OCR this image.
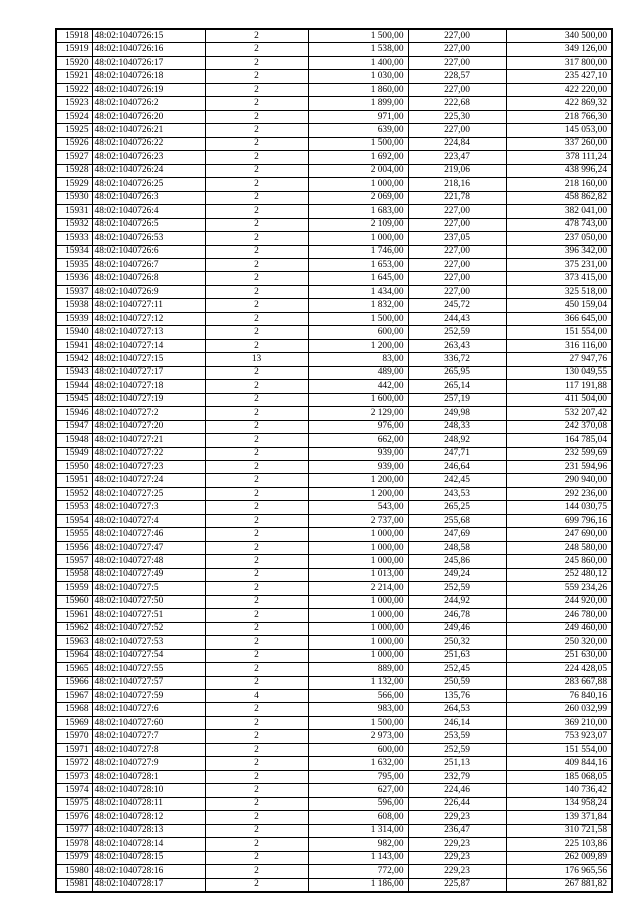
15918	48:02:1040726:15	2	1 500,00	227,00	340 500,00
15919	48:02:1040726:16	2	1 538,00	227,00	349 126,00
15920	48:02:1040726:17	2	1 400,00	227,00	317 800,00
15921	48:02:1040726:18	2	1 030,00	228,57	235 427,10
15922	48:02:1040726:19	2	1 860,00	227,00	422 220,00
15923	48:02:1040726:2	2	1 899,00	222,68	422 869,32
15924	48:02:1040726:20	2	971,00	225,30	218 766,30
15925	48:02:1040726:21	2	639,00	227,00	145 053,00
15926	48:02:1040726:22	2	1 500,00	224,84	337 260,00
15927	48:02:1040726:23	2	1 692,00	223,47	378 111,24
15928	48:02:1040726:24	2	2 004,00	219,06	438 996,24
15929	48:02:1040726:25	2	1 000,00	218,16	218 160,00
15930	48:02:1040726:3	2	2 069,00	221,78	458 862,82
15931	48:02:1040726:4	2	1 683,00	227,00	382 041,00
15932	48:02:1040726:5	2	2 109,00	227,00	478 743,00
15933	48:02:1040726:53	2	1 000,00	237,05	237 050,00
15934	48:02:1040726:6	2	1 746,00	227,00	396 342,00
15935	48:02:1040726:7	2	1 653,00	227,00	375 231,00
15936	48:02:1040726:8	2	1 645,00	227,00	373 415,00
15937	48:02:1040726:9	2	1 434,00	227,00	325 518,00
15938	48:02:1040727:11	2	1 832,00	245,72	450 159,04
15939	48:02:1040727:12	2	1 500,00	244,43	366 645,00
15940	48:02:1040727:13	2	600,00	252,59	151 554,00
15941	48:02:1040727:14	2	1 200,00	263,43	316 116,00
15942	48:02:1040727:15	13	83,00	336,72	27 947,76
15943	48:02:1040727:17	2	489,00	265,95	130 049,55
15944	48:02:1040727:18	2	442,00	265,14	117 191,88
15945	48:02:1040727:19	2	1 600,00	257,19	411 504,00
15946	48:02:1040727:2	2	2 129,00	249,98	532 207,42
15947	48:02:1040727:20	2	976,00	248,33	242 370,08
15948	48:02:1040727:21	2	662,00	248,92	164 785,04
15949	48:02:1040727:22	2	939,00	247,71	232 599,69
15950	48:02:1040727:23	2	939,00	246,64	231 594,96
15951	48:02:1040727:24	2	1 200,00	242,45	290 940,00
15952	48:02:1040727:25	2	1 200,00	243,53	292 236,00
15953	48:02:1040727:3	2	543,00	265,25	144 030,75
15954	48:02:1040727:4	2	2 737,00	255,68	699 796,16
15955	48:02:1040727:46	2	1 000,00	247,69	247 690,00
15956	48:02:1040727:47	2	1 000,00	248,58	248 580,00
15957	48:02:1040727:48	2	1 000,00	245,86	245 860,00
15958	48:02:1040727:49	2	1 013,00	249,24	252 480,12
15959	48:02:1040727:5	2	2 214,00	252,59	559 234,26
15960	48:02:1040727:50	2	1 000,00	244,92	244 920,00
15961	48:02:1040727:51	2	1 000,00	246,78	246 780,00
15962	48:02:1040727:52	2	1 000,00	249,46	249 460,00
15963	48:02:1040727:53	2	1 000,00	250,32	250 320,00
15964	48:02:1040727:54	2	1 000,00	251,63	251 630,00
15965	48:02:1040727:55	2	889,00	252,45	224 428,05
15966	48:02:1040727:57	2	1 132,00	250,59	283 667,88
15967	48:02:1040727:59	4	566,00	135,76	76 840,16
15968	48:02:1040727:6	2	983,00	264,53	260 032,99
15969	48:02:1040727:60	2	1 500,00	246,14	369 210,00
15970	48:02:1040727:7	2	2 973,00	253,59	753 923,07
15971	48:02:1040727:8	2	600,00	252,59	151 554,00
15972	48:02:1040727:9	2	1 632,00	251,13	409 844,16
15973	48:02:1040728:1	2	795,00	232,79	185 068,05
15974	48:02:1040728:10	2	627,00	224,46	140 736,42
15975	48:02:1040728:11	2	596,00	226,44	134 958,24
15976	48:02:1040728:12	2	608,00	229,23	139 371,84
15977	48:02:1040728:13	2	1 314,00	236,47	310 721,58
15978	48:02:1040728:14	2	982,00	229,23	225 103,86
15979	48:02:1040728:15	2	1 143,00	229,23	262 009,89
15980	48:02:1040728:16	2	772,00	229,23	176 965,56
15981	48:02:1040728:17	2	1 186,00	225,87	267 881,82
